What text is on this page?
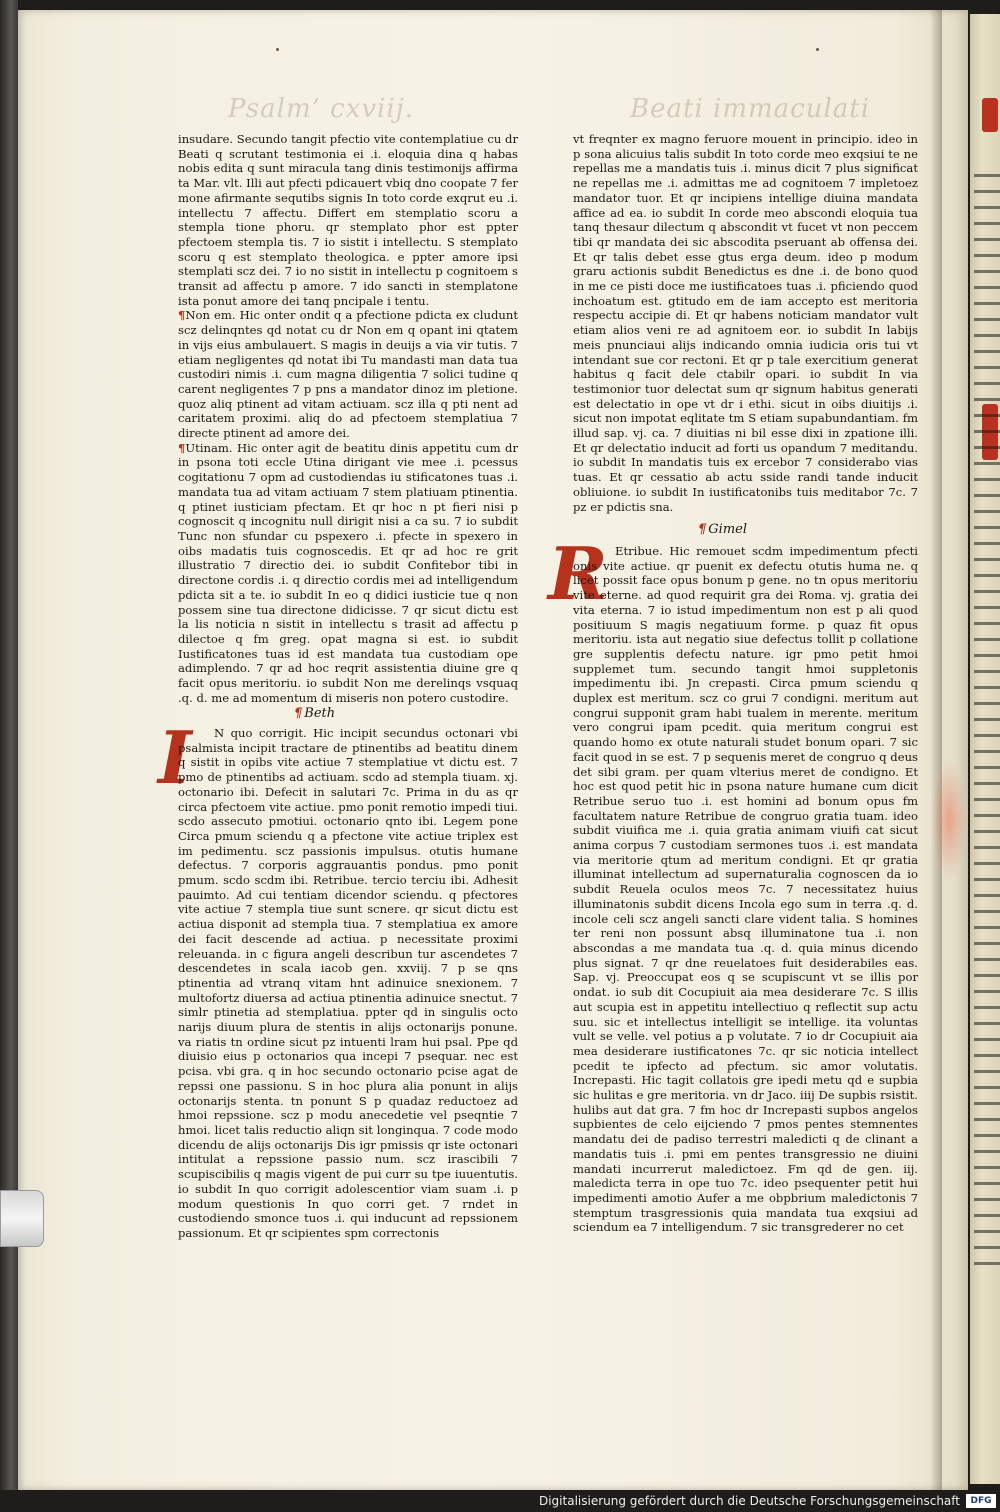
Psalm’ cxviij.	Beati immaculati

insudare. Secundo tangit pfectio vite contemplatiue cu dr Beati q scrutant testimonia ei .i. eloquia dina q habas nobis edita q sunt miracula tang dinis testimonijs affirma ta Mar. vlt. Illi aut pfecti pdicauert vbiq dno coopate 7 fer mone afirmante sequtibs signis In toto corde exqrut eu .i. intellectu 7 affectu. Differt em stemplatio scoru a stempla tione phoru. qr stemplato phor est ppter pfectoem stempla tis. 7 io sistit i intellectu. S stemplato scoru q est stemplato theologica. e ppter amore ipsi stemplati scz dei. 7 io no sistit in intellectu p cognitoem s transit ad affectu p amore. 7 ido sancti in stemplatone ista ponut amore dei tanq pncipale i tentu.

¶Non em. Hic onter ondit q a pfectione pdicta ex cludunt scz delinqntes qd notat cu dr Non em q opant ini qtatem in vijs eius ambulauert. S magis in deuijs a via vir tutis. 7 etiam negligentes qd notat ibi Tu mandasti man data tua custodiri nimis .i. cum magna diligentia 7 solici tudine q carent negligentes 7 p pns a mandator dinoz im pletione. quoz aliq ptinent ad vitam actiuam. scz illa q pti nent ad caritatem proximi. aliq do ad pfectoem stemplatiua 7 directe ptinent ad amore dei.

¶Utinam. Hic onter agit de beatitu dinis appetitu cum dr in psona toti eccle Utina dirigant vie mee .i. pcessus cogitationu 7 opm ad custodiendas iu stificatones tuas .i. mandata tua ad vitam actiuam 7 stem platiuam ptinentia. q ptinet iusticiam pfectam. Et qr hoc n pt fieri nisi p cognoscit q incognitu null dirigit nisi a ca su. 7 io subdit Tunc non sfundar cu pspexero .i. pfecte in spexero in oibs madatis tuis cognoscedis. Et qr ad hoc re grit illustratio 7 directio dei. io subdit Confitebor tibi in directone cordis .i. q directio cordis mei ad intelligendum pdicta sit a te. io subdit In eo q didici iusticie tue q non possem sine tua directone didicisse. 7 qr sicut dictu est la lis noticia n sistit in intellectu s trasit ad affectu p dilectoe q fm greg. opat magna si est. io subdit Iustificatones tuas id est mandata tua custodiam ope adimplendo. 7 qr ad hoc reqrit assistentia diuine gre q facit opus meritoriu. io subdit Non me derelinqs vsquaq .q. d. me ad momentum di miseris non potero custodire.

¶ Beth
I	N quo corrigit. Hic incipit secundus octonari vbi psalmista incipit tractare de ptinentibs ad beatitu dinem q sistit in opibs vite actiue 7 stemplatiue vt dictu est. 7 pmo de ptinentibs ad actiuam. scdo ad stempla tiuam. xj. octonario ibi. Defecit in salutari 7c. Prima in du as qr circa pfectoem vite actiue. pmo ponit remotio impedi tiui. scdo assecuto pmotiui. octonario qnto ibi. Legem pone Circa pmum sciendu q a pfectone vite actiue triplex est im pedimentu. scz passionis impulsus. otutis humane defectus. 7 corporis aggrauantis pondus. pmo ponit pmum. scdo scdm ibi. Retribue. tercio terciu ibi. Adhesit pauimto. Ad cui tentiam dicendor sciendu. q pfectores vite actiue 7 stempla tiue sunt scnere. qr sicut dictu est actiua disponit ad stempla tiua. 7 stemplatiua ex amore dei facit descende ad actiua. p necessitate proximi releuanda. in c figura angeli describun tur ascendetes 7 descendetes in scala iacob gen. xxviij. 7 p se qns ptinentia ad vtranq vitam hnt adinuice snexionem. 7 multofortz diuersa ad actiua ptinentia adinuice snectut. 7 simlr ptinetia ad stemplatiua. ppter qd in singulis octo narijs diuum plura de stentis in alijs octonarijs ponune. va riatis tn ordine sicut pz intuenti lram hui psal. Ppe qd diuisio eius p octonarios qua incepi 7 psequar. nec est pcisa. vbi gra. q in hoc secundo octonario pcise agat de repssi one passionu. S in hoc plura alia ponunt in alijs octonarijs stenta. tn ponunt S p quadaz reductoez ad hmoi repssione. scz p modu anecedetie vel pseqntie 7 hmoi. licet talis reductio aliqn sit longinqua. 7 code modo dicendu de alijs octonarijs Dis igr pmissis qr iste octonari intitulat a repssione passio num. scz irascibili 7 scupiscibilis q magis vigent de pui curr su tpe iuuentutis. io subdit In quo corrigit adolescentior viam suam .i. p modum questionis In quo corri get. 7 rndet in custodiendo smonce tuos .i. qui inducunt ad repssionem passionum. Et qr scipientes spm correctonis

vt freqnter ex magno feruore mouent in principio. ideo in p sona alicuius talis subdit In toto corde meo exqsiui te ne repellas me a mandatis tuis .i. minus dicit 7 plus significat ne repellas me .i. admittas me ad cognitoem 7 impletoez mandator tuor. Et qr incipiens intellige diuina mandata affice ad ea. io subdit In corde meo abscondi eloquia tua tanq thesaur dilectum q abscondit vt fucet vt non peccem tibi qr mandata dei sic abscodita pseruant ab offensa dei. Et qr talis debet esse gtus erga deum. ideo p modum graru actionis subdit Benedictus es dne .i. de bono quod in me ce pisti doce me iustificatoes tuas .i. pficiendo quod inchoatum est. gtitudo em de iam accepto est meritoria respectu accipie di. Et qr habens noticiam mandator vult etiam alios veni re ad agnitoem eor. io subdit In labijs meis pnunciaui alijs indicando omnia iudicia oris tui vt intendant sue cor rectoni. Et qr p tale exercitium generat habitus q facit dele ctabilr opari. io subdit In via testimonior tuor delectat sum qr signum habitus generati est delectatio in ope vt dr i ethi. sicut in oibs diuitijs .i. sicut non impotat eqlitate tm S etiam supabundantiam. fm illud sap. vj. ca. 7 diuitias ni bil esse dixi in zpatione illi. Et qr delectatio inducit ad forti us opandum 7 meditandu. io subdit In mandatis tuis ex ercebor 7 considerabo vias tuas. Et qr cessatio ab actu sside randi tande inducit obliuione. io subdit In iustificatonibs tuis meditabor 7c. 7 pz er pdictis sna.

¶ Gimel
R Etribue. Hic remouet scdm impedimentum pfecti onis vite actiue. qr puenit ex defectu otutis huma ne. q licet possit face opus bonum p gene. no tn opus meritoriu vite eterne. ad quod requirit gra dei Roma. vj. gratia dei vita eterna. 7 io istud impedimentum non est p ali quod positiuum S magis negatiuum forme. p quaz fit opus meritoriu. ista aut negatio siue defectus tollit p collatione gre supplentis defectu nature. igr pmo petit hmoi supplemet tum. secundo tangit hmoi suppletonis impedimentu ibi. Jn crepasti. Circa pmum sciendu q duplex est meritum. scz co grui 7 condigni. meritum aut congrui supponit gram habi tualem in merente. meritum vero congrui ipam pcedit. quia meritum congrui est quando homo ex otute naturali studet bonum opari. 7 sic facit quod in se est. 7 p sequenis meret de congruo q deus det sibi gram. per quam vlterius meret de condigno. Et hoc est quod petit hic in psona nature humane cum dicit Retribue seruo tuo .i. est homini ad bonum opus fm facultatem nature Retribue de congruo gratia tuam. ideo subdit viuifica me .i. quia gratia animam viuifi cat sicut anima corpus 7 custodiam sermones tuos .i. est mandata via meritorie qtum ad meritum condigni. Et qr gratia illuminat intellectum ad supernaturalia cognoscen da io subdit Reuela oculos meos 7c. 7 necessitatez huius illuminatonis subdit dicens Incola ego sum in terra .q. d. incole celi scz angeli sancti clare vident talia. S homines ter reni non possunt absq illuminatone tua .i. non abscondas a me mandata tua .q. d. quia minus dicendo plus signat. 7 qr dne reuelatoes fuit desiderabiles eas. Sap. vj. Preoccupat eos q se scupiscunt vt se illis por ondat. io sub dit Cocupiuit aia mea desiderare 7c. S illis aut scupia est in appetitu intellectiuo q reflectit sup actu suu. sic et intellectus intelligit se intellige. ita voluntas vult se velle. vel potius a p volutate. 7 io dr Cocupiuit aia mea desiderare iustificatones 7c. qr sic noticia intellect pcedit te ipfecto ad pfectum. sic amor volutatis. Increpasti. Hic tagit collatois gre ipedi metu qd e supbia sic hulitas e gre meritoria. vn dr Jaco. iiij De supbis rsistit. hulibs aut dat gra. 7 fm hoc dr Increpasti supbos angelos supbientes de celo eijciendo 7 pmos pentes stemnentes mandatu dei de padiso terrestri maledicti q de clinant a mandatis tuis .i. pmi em pentes transgressio ne diuini mandati incurrerut maledictoez. Fm qd de gen. iij. maledicta terra in ope tuo 7c. ideo psequenter petit hui impedimenti amotio Aufer a me obpbrium maledictonis 7 stemptum trasgressionis quia mandata tua exqsiui ad sciendum ea 7 intelligendum. 7 sic transgrederer no cet

Digitalisierung gefördert durch die Deutsche Forschungsgemeinschaft	DFG
